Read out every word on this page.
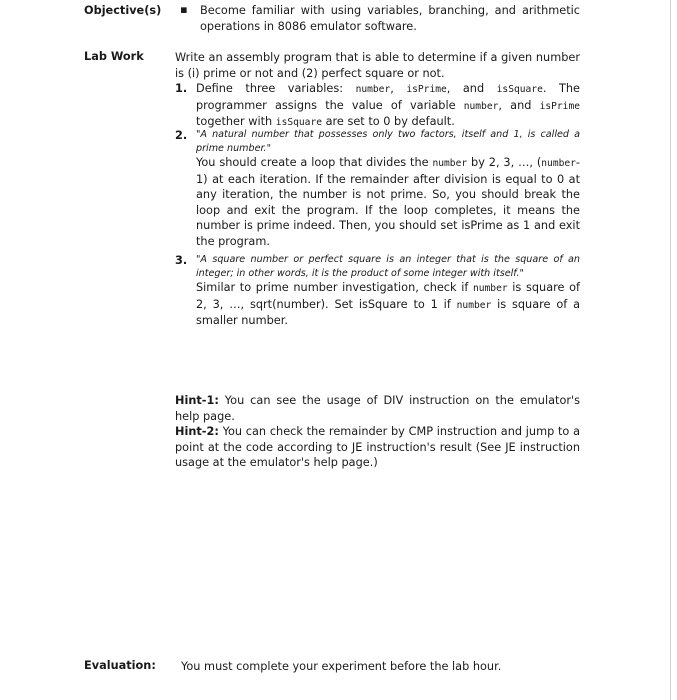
Objective(s) ▪ Become familiar with using variables, branching, and arithmetic operations in 8086 emulator software.
Lab Work	Write an assembly program that is able to determine if a given number is (i) prime or not and (2) perfect square or not.
1. Define three variables: number, isPrime, and isSquare. The programmer assigns the value of variable number, and isPrime together with isSquare are set to 0 by default.
2. "A natural number that possesses only two factors, itself and 1, is called a prime number."
You should create a loop that divides the number by 2, 3, …, (number-1) at each iteration. If the remainder after division is equal to 0 at any iteration, the number is not prime. So, you should break the loop and exit the program. If the loop completes, it means the number is prime indeed. Then, you should set isPrime as 1 and exit the program.
3. "A square number or perfect square is an integer that is the square of an integer; in other words, it is the product of some integer with itself."
Similar to prime number investigation, check if number is square of 2, 3, …, sqrt(number). Set isSquare to 1 if number is square of a smaller number.
Hint-1: You can see the usage of DIV instruction on the emulator's help page.
Hint-2: You can check the remainder by CMP instruction and jump to a point at the code according to JE instruction's result (See JE instruction usage at the emulator's help page.)
Evaluation: You must complete your experiment before the lab hour.
